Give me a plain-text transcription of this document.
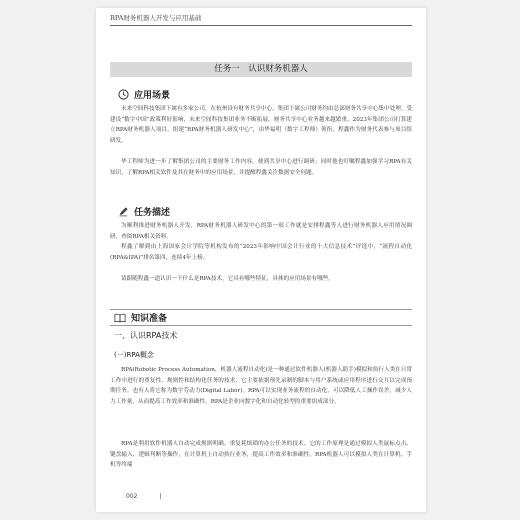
RPA财务机器人开发与应用基础
任务一　认识财务机器人
应用场景
未来空间科技集团下属有多家公司，在杭州设有财务共享中心，集团下属公司财务均由总部财务共享中心集中处理。受建设“数字中国”政策利好影响，未来空间科技集团业务不断拓展，财务共享中心业务越来越繁重。2023年集团公司打算建立RPA财务机器人项目，组建“RPA财务机器人研发中心”，由华福明（数字工程师）领衔，程鑫作为财务代表参与项目组研发。
华工程师为进一步了解集团公司的主要财务工作内容，便到共享中心进行调研；同时他也叮嘱程鑫加强学习RPA有关知识，了解RPA相关软件及其在财务中的应用场景，并提醒程鑫关注数据安全问题。
任务描述
为顺利推进财务机器人开发，RPA财务机器人研发中心的第一项工作就是安排程鑫等人进行财务机器人应用情况调研，查阅RPA相关资料。
程鑫了解到由上海国家会计学院等机构发布的“2023年影响中国会计行业的十大信息技术”评选中，“流程自动化(RPA&IPA)”排名第四，连续4年上榜。
请跟随程鑫一道认识一下什么是RPA技术，它具有哪些特征，具体的应用场景有哪些。
知识准备
一、认识RPA技术
(一)RPA概念
RPA(Robotic Process Automation，机器人流程自动化)是一种通过软件机器人(机器人助手)模拟和执行人类在日常工作中进行的重复性、规则性和结构化任务的技术，它主要依据预先录制的脚本与用户系统或应用程序进行交互以完成预期任务。也有人将它称为数字劳动力(Digital Labor)。RPA可以实现业务流程的自动化，可以降低人工操作误差，减少人力工作量，从而提高工作效率和准确性。RPA是企业向数字化和自动化转型的重要组成部分。
RPA是利用软件机器人自动完成规则明确、重复耗烦琐的办公任务的技术。它的工作原理是通过模拟人类鼠标点击、键盘输入、逻辑判断等操作，在计算机上自动执行业务，提高工作效率和准确性。RPA机器人可以模拟人类在计算机、手机等终端
002	|
